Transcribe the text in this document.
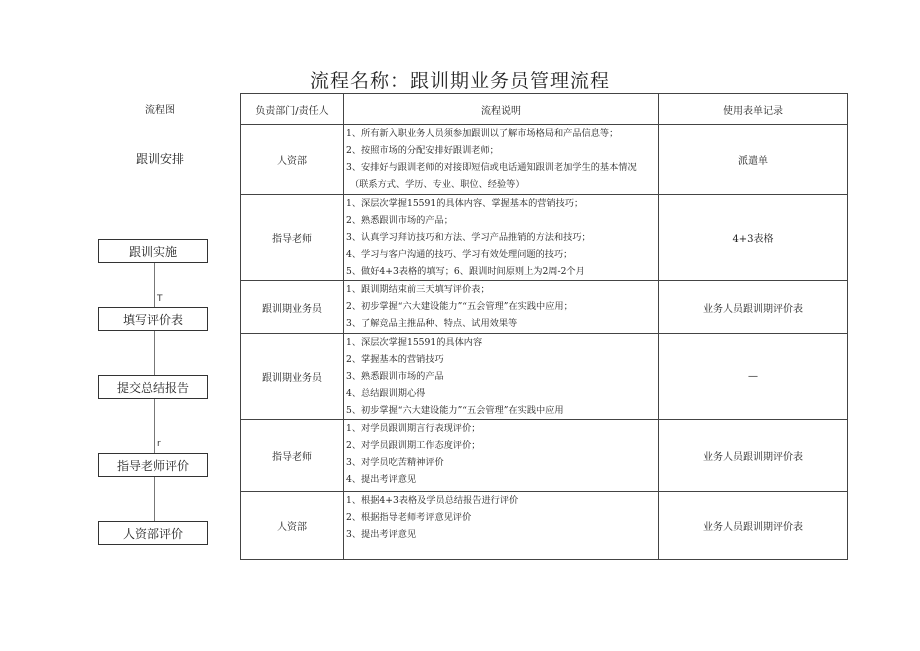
流程名称：跟训期业务员管理流程
流程图
跟训安排
T
r
跟训实施
填写评价表
提交总结报告
指导老师评价
人资部评价
负责部门/责任人	流程说明	使用表单记录
人资部	1、所有新入职业务人员须参加跟训以了解市场格局和产品信息等；
2、按照市场的分配安排好跟训老师；
3、安排好与跟训老师的对接即短信或电话通知跟训老加学生的基本情况
（联系方式、学历、专业、职位、经验等）	派遣单
指导老师	1、深层次掌握15591的具体内容、掌握基本的营销技巧；
2、熟悉跟训市场的产品；
3、认真学习拜访技巧和方法、学习产品推销的方法和技巧；
4、学习与客户沟通的技巧、学习有效处理问题的技巧；
5、做好4+3表格的填写；6、跟训时间原则上为2周-2个月	4+3表格
跟训期业务员	1、跟训期结束前三天填写评价表；
2、初步掌握“六大建设能力”“五会管理”在实践中应用；
3、了解竞品主推品种、特点、试用效果等	业务人员跟训期评价表
跟训期业务员	1、深层次掌握15591的具体内容
2、掌握基本的营销技巧
3、熟悉跟训市场的产品
4、总结跟训期心得
5、初步掌握“六大建设能力”“五会管理”在实践中应用	—
指导老师	1、对学员跟训期言行表现评价；
2、对学员跟训期工作态度评价；
3、对学员吃苦精神评价
4、提出考评意见	业务人员跟训期评价表
人资部	1、根据4+3表格及学员总结报告进行评价
2、根据指导老师考评意见评价
3、提出考评意见	业务人员跟训期评价表
